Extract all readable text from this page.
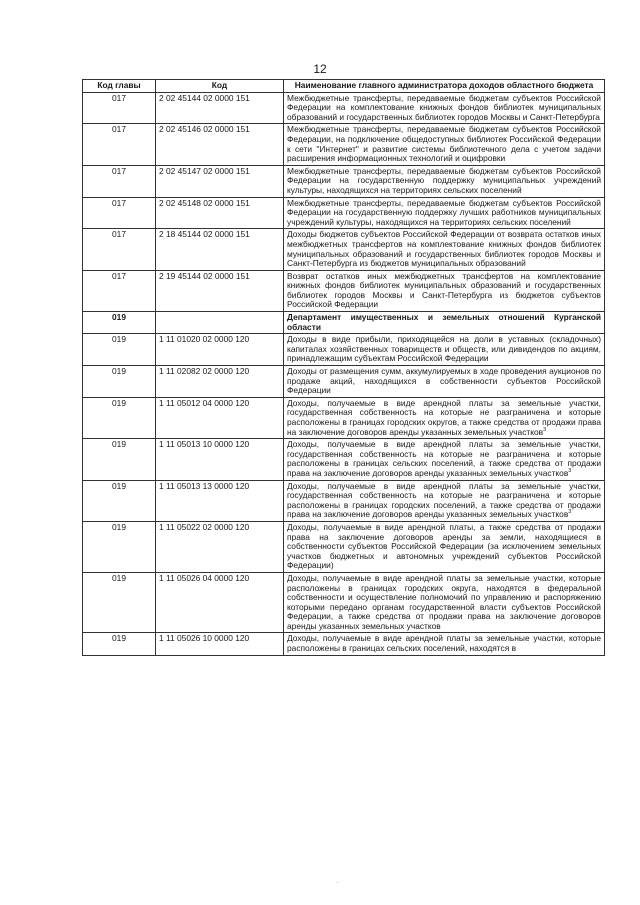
12
Код главы	Код	Наименование главного администратора доходов областного бюджета
017	2 02 45144 02 0000 151	Межбюджетные трансферты, передаваемые бюджетам субъектов Российской Федерации на комплектование книжных фондов библиотек муниципальных образований и государственных библиотек городов Москвы и Санкт-Петербурга
017	2 02 45146 02 0000 151	Межбюджетные трансферты, передаваемые бюджетам субъектов Российской Федерации, на подключение общедоступных библиотек Российской Федерации к сети "Интернет" и развитие системы библиотечного дела с учетом задачи расширения информационных технологий и оцифровки
017	2 02 45147 02 0000 151	Межбюджетные трансферты, передаваемые бюджетам субъектов Российской Федерации на государственную поддержку муниципальных учреждений культуры, находящихся на территориях сельских поселений
017	2 02 45148 02 0000 151	Межбюджетные трансферты, передаваемые бюджетам субъектов Российской Федерации на государственную поддержку лучших работников муниципальных учреждений культуры, находящихся на территориях сельских поселений
017	2 18 45144 02 0000 151	Доходы бюджетов субъектов Российской Федерации от возврата остатков иных межбюджетных трансфертов на комплектование книжных фондов библиотек муниципальных образований и государственных библиотек городов Москвы и Санкт-Петербурга из бюджетов муниципальных образований
017	2 19 45144 02 0000 151	Возврат остатков иных межбюджетных трансфертов на комплектование книжных фондов библиотек муниципальных образований и государственных библиотек городов Москвы и Санкт-Петербурга из бюджетов субъектов Российской Федерации
019		Департамент имущественных и земельных отношений Курганской области
019	1 11 01020 02 0000 120	Доходы в виде прибыли, приходящейся на доли в уставных (складочных) капиталах хозяйственных товариществ и обществ, или дивидендов по акциям, принадлежащим субъектам Российской Федерации
019	1 11 02082 02 0000 120	Доходы от размещения сумм, аккумулируемых в ходе проведения аукционов по продаже акций, находящихся в собственности субъектов Российской Федерации
019	1 11 05012 04 0000 120	Доходы, получаемые в виде арендной платы за земельные участки, государственная собственность на которые не разграничена и которые расположены в границах городских округов, а также средства от продажи права на заключение договоров аренды указанных земельных участков$^3$
019	1 11 05013 10 0000 120	Доходы, получаемые в виде арендной платы за земельные участки, государственная собственность на которые не разграничена и которые расположены в границах сельских поселений, а также средства от продажи права на заключение договоров аренды указанных земельных участков$^3$
019	1 11 05013 13 0000 120	Доходы, получаемые в виде арендной платы за земельные участки, государственная собственность на которые не разграничена и которые расположены в границах городских поселений, а также средства от продажи права на заключение договоров аренды указанных земельных участков$^3$
019	1 11 05022 02 0000 120	Доходы, получаемые в виде арендной платы, а также средства от продажи права на заключение договоров аренды за земли, находящиеся в собственности субъектов Российской Федерации (за исключением земельных участков бюджетных и автономных учреждений субъектов Российской Федерации)
019	1 11 05026 04 0000 120	Доходы, получаемые в виде арендной платы за земельные участки, которые расположены в границах городских округа, находятся в федеральной собственности и осуществление полномочий по управлению и распоряжению которыми передано органам государственной власти субъектов Российской Федерации, а также средства от продажи права на заключение договоров аренды указанных земельных участков
019	1 11 05026 10 0000 120	Доходы, получаемые в виде арендной платы за земельные участки, которые расположены в границах сельских поселений, находятся в
·
